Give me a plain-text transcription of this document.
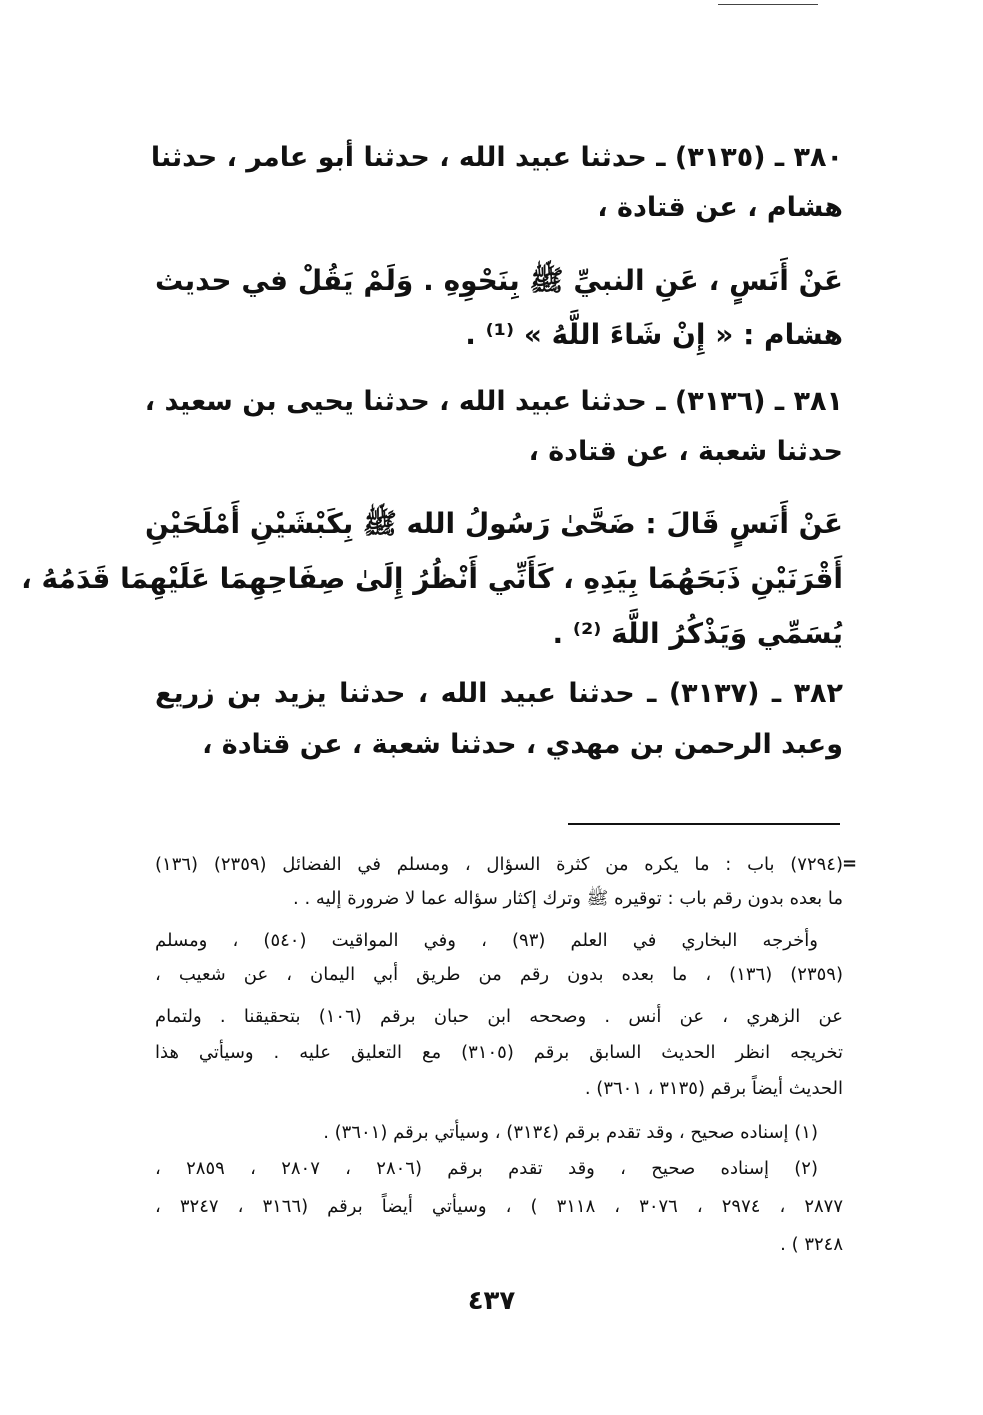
٣٨٠ ـ (٣١٣٥) ـ حدثنا عبيد الله ، حدثنا أبو عامر ، حدثنا
هشام ، عن قتادة ،
عَنْ أَنَسٍ ، عَنِ النبيِّ ﷺ بِنَحْوِهِ . وَلَمْ يَقُلْ في حديث
هشام : « إِنْ شَاءَ اللَّهُ » ⁽¹⁾ .
٣٨١ ـ (٣١٣٦) ـ حدثنا عبيد الله ، حدثنا يحيى بن سعيد ،
حدثنا شعبة ، عن قتادة ،
عَنْ أَنَسٍ قَالَ : ضَحَّىٰ رَسُولُ الله ﷺ بِكَبْشَيْنِ أَمْلَحَيْنِ
أَقْرَنَيْنِ ذَبَحَهُمَا بِيَدِهِ ، كَأَنِّي أَنْظُرُ إِلَىٰ صِفَاحِهِمَا عَلَيْهِمَا قَدَمُهُ ،
يُسَمِّي وَيَذْكُرُ اللَّهَ ⁽²⁾ .
٣٨٢ ـ (٣١٣٧) ـ حدثنا عبيد الله ، حدثنا يزيد بن زريع
وعبد الرحمن بن مهدي ، حدثنا شعبة ، عن قتادة ،
=
(٧٢٩٤) باب : ما يكره من كثرة السؤال ، ومسلم في الفضائل (٢٣٥٩) (١٣٦)
ما بعده بدون رقم باب : توقيره ﷺ وترك إكثار سؤاله عما لا ضرورة إليه . .
وأخرجه البخاري في العلم (٩٣) ، وفي المواقيت (٥٤٠) ، ومسلم
(٢٣٥٩) (١٣٦) ، ما بعده بدون رقم من طريق أبي اليمان ، عن شعيب ،
عن الزهري ، عن أنس . وصححه ابن حبان برقم (١٠٦) بتحقيقنا . ولتمام
تخريجه انظر الحديث السابق برقم (٣١٠٥) مع التعليق عليه . وسيأتي هذا
الحديث أيضاً برقم (٣١٣٥ ، ٣٦٠١) .
(١) إسناده صحيح ، وقد تقدم برقم (٣١٣٤) ، وسيأتي برقم (٣٦٠١) .
(٢) إسناده صحيح ، وقد تقدم برقم (٢٨٠٦ ، ٢٨٠٧ ، ٢٨٥٩ ،
٢٨٧٧ ، ٢٩٧٤ ، ٣٠٧٦ ، ٣١١٨ ) ، وسيأتي أيضاً برقم (٣١٦٦ ، ٣٢٤٧ ،
٣٢٤٨ ) .
٤٣٧
